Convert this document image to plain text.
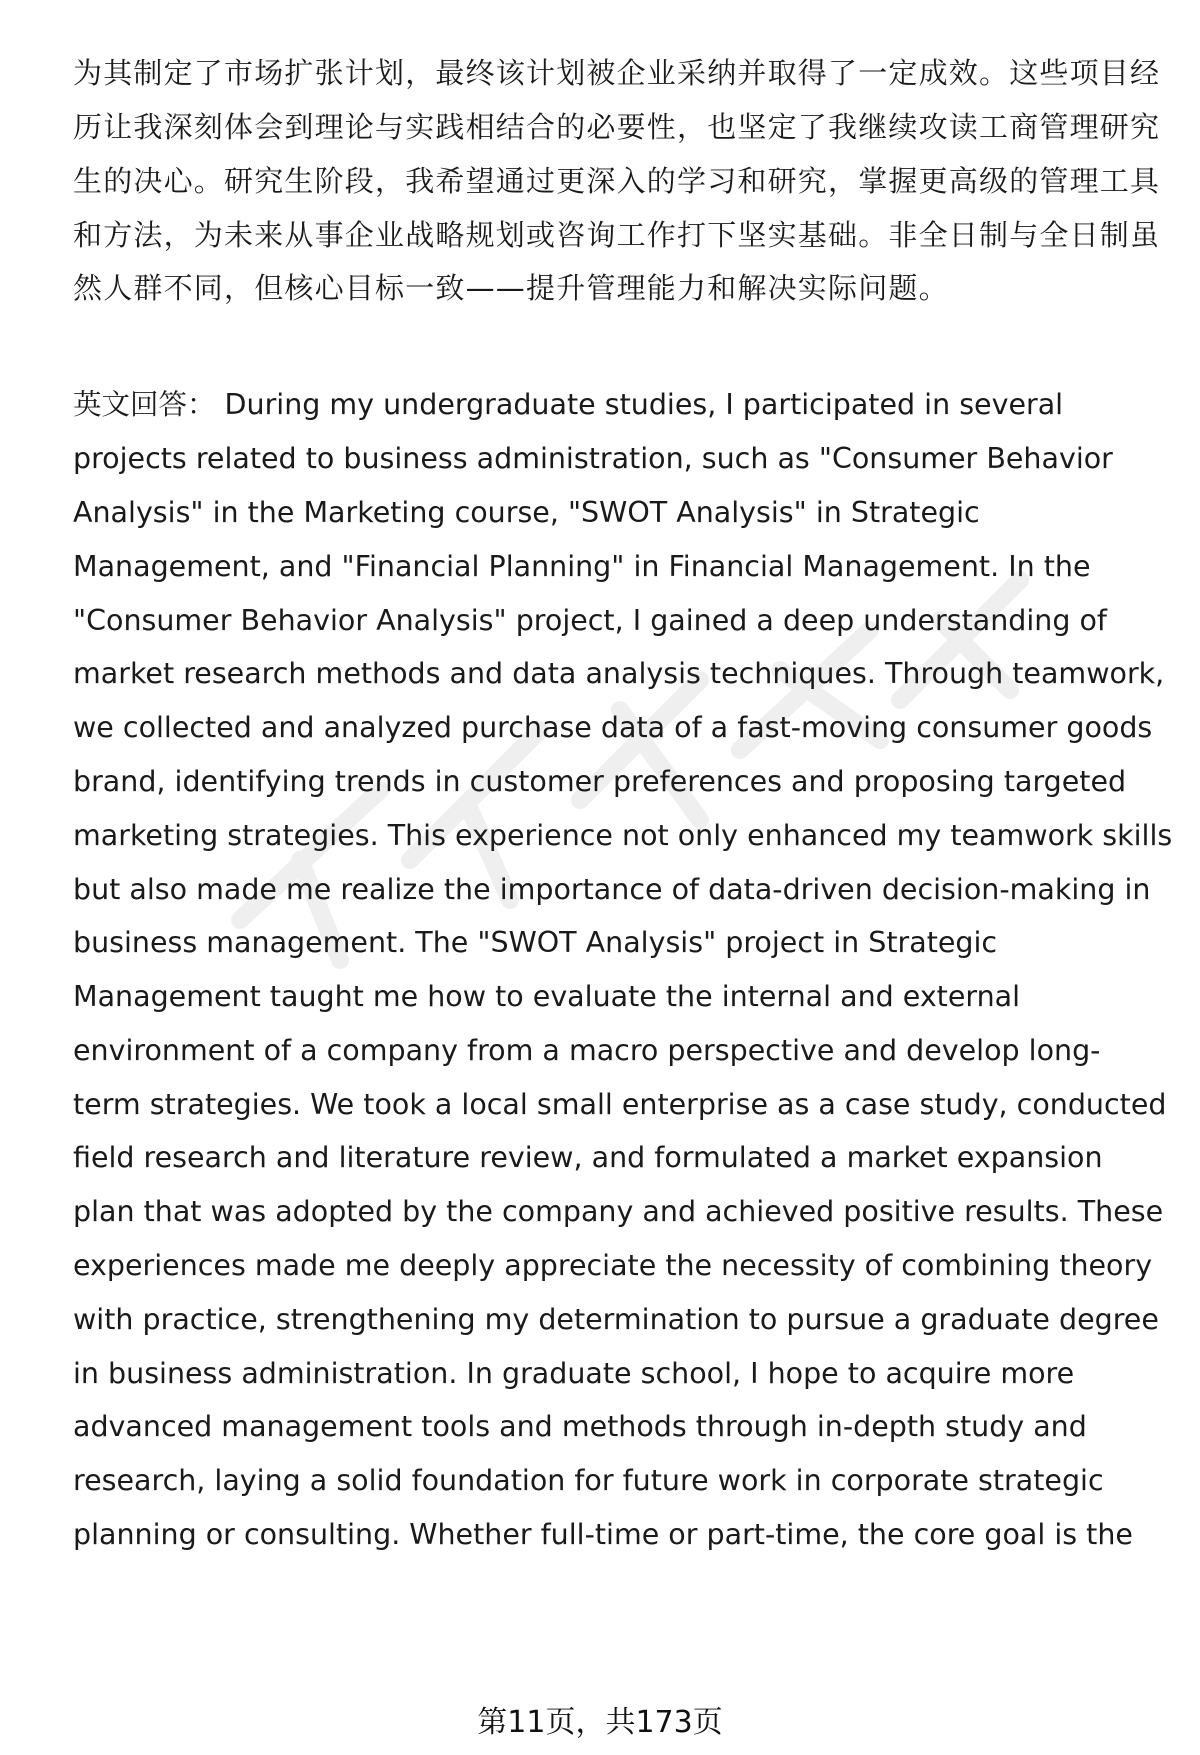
为其制定了市场扩张计划，最终该计划被企业采纳并取得了一定成效。这些项目经
历让我深刻体会到理论与实践相结合的必要性，也坚定了我继续攻读工商管理研究
生的决心。研究生阶段，我希望通过更深入的学习和研究，掌握更高级的管理工具
和方法，为未来从事企业战略规划或咨询工作打下坚实基础。非全日制与全日制虽
然人群不同，但核心目标一致——提升管理能力和解决实际问题。
英文回答： During my undergraduate studies, I participated in several
projects related to business administration, such as "Consumer Behavior
Analysis" in the Marketing course, "SWOT Analysis" in Strategic
Management, and "Financial Planning" in Financial Management. In the
"Consumer Behavior Analysis" project, I gained a deep understanding of
market research methods and data analysis techniques. Through teamwork,
we collected and analyzed purchase data of a fast-moving consumer goods
brand, identifying trends in customer preferences and proposing targeted
marketing strategies. This experience not only enhanced my teamwork skills
but also made me realize the importance of data-driven decision-making in
business management. The "SWOT Analysis" project in Strategic
Management taught me how to evaluate the internal and external
environment of a company from a macro perspective and develop long-
term strategies. We took a local small enterprise as a case study, conducted
field research and literature review, and formulated a market expansion
plan that was adopted by the company and achieved positive results. These
experiences made me deeply appreciate the necessity of combining theory
with practice, strengthening my determination to pursue a graduate degree
in business administration. In graduate school, I hope to acquire more
advanced management tools and methods through in-depth study and
research, laying a solid foundation for future work in corporate strategic
planning or consulting. Whether full-time or part-time, the core goal is the
第11页，共173页
